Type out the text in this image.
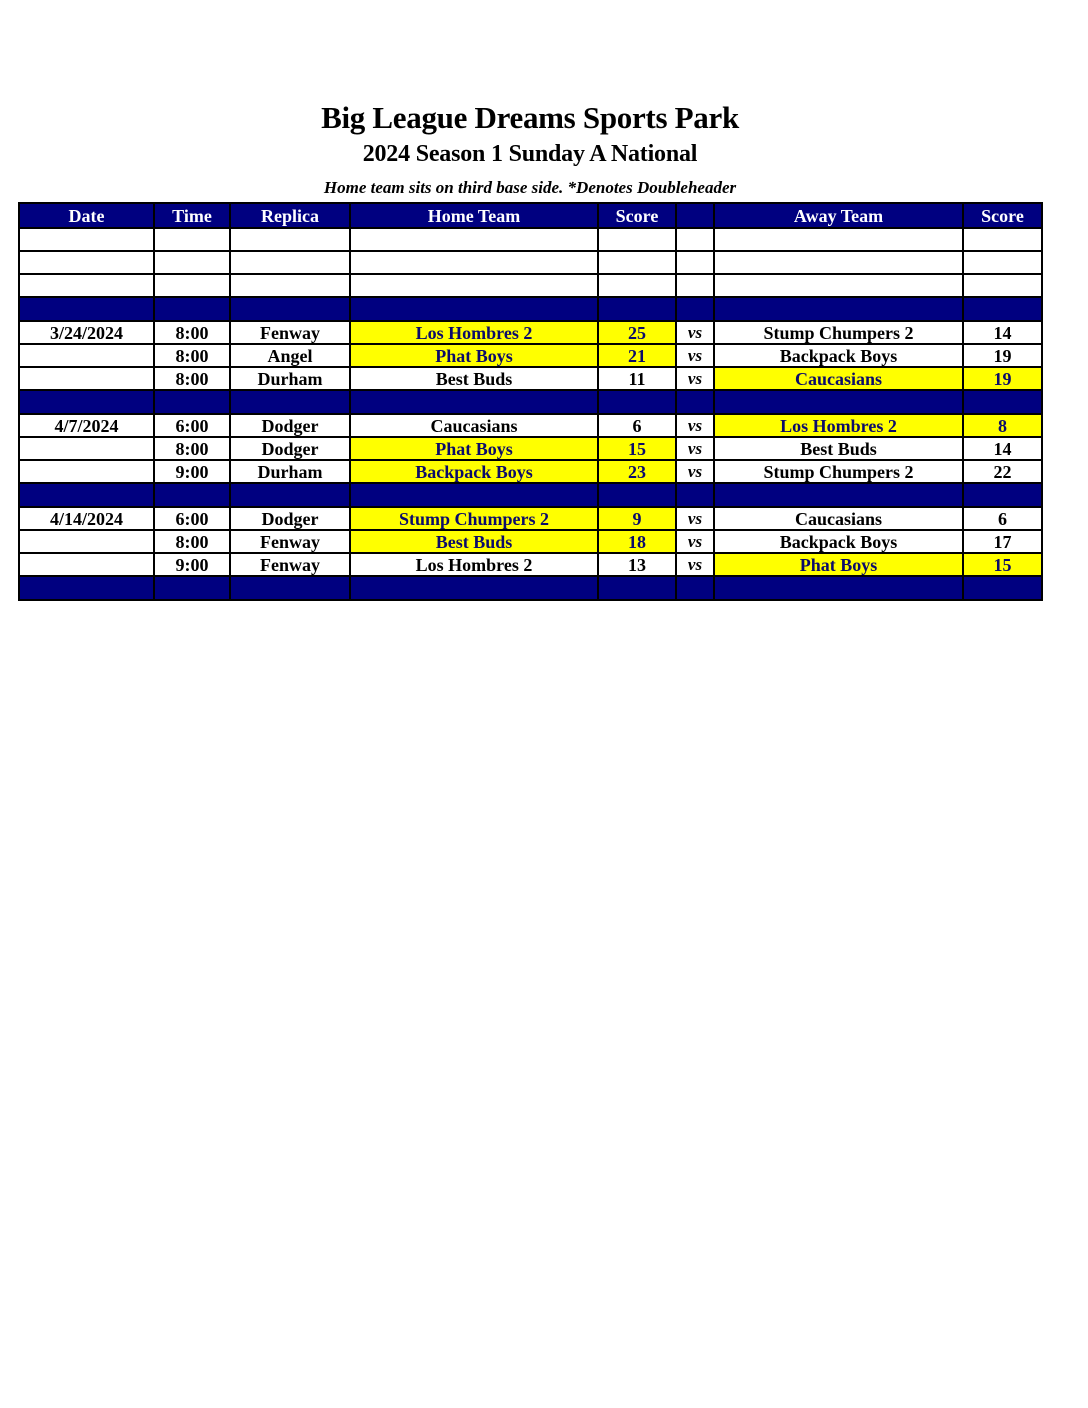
Big League Dreams Sports Park
2024 Season 1 Sunday A National
Home team sits on third base side. *Denotes Doubleheader
Date	Time	Replica	Home Team	Score		Away Team	Score

3/24/2024	8:00	Fenway	Los Hombres 2	25	vs	Stump Chumpers 2	14
	8:00	Angel	Phat Boys	21	vs	Backpack Boys	19
	8:00	Durham	Best Buds	11	vs	Caucasians	19

4/7/2024	6:00	Dodger	Caucasians	6	vs	Los Hombres 2	8
	8:00	Dodger	Phat Boys	15	vs	Best Buds	14
	9:00	Durham	Backpack Boys	23	vs	Stump Chumpers 2	22

4/14/2024	6:00	Dodger	Stump Chumpers 2	9	vs	Caucasians	6
	8:00	Fenway	Best Buds	18	vs	Backpack Boys	17
	9:00	Fenway	Los Hombres 2	13	vs	Phat Boys	15
